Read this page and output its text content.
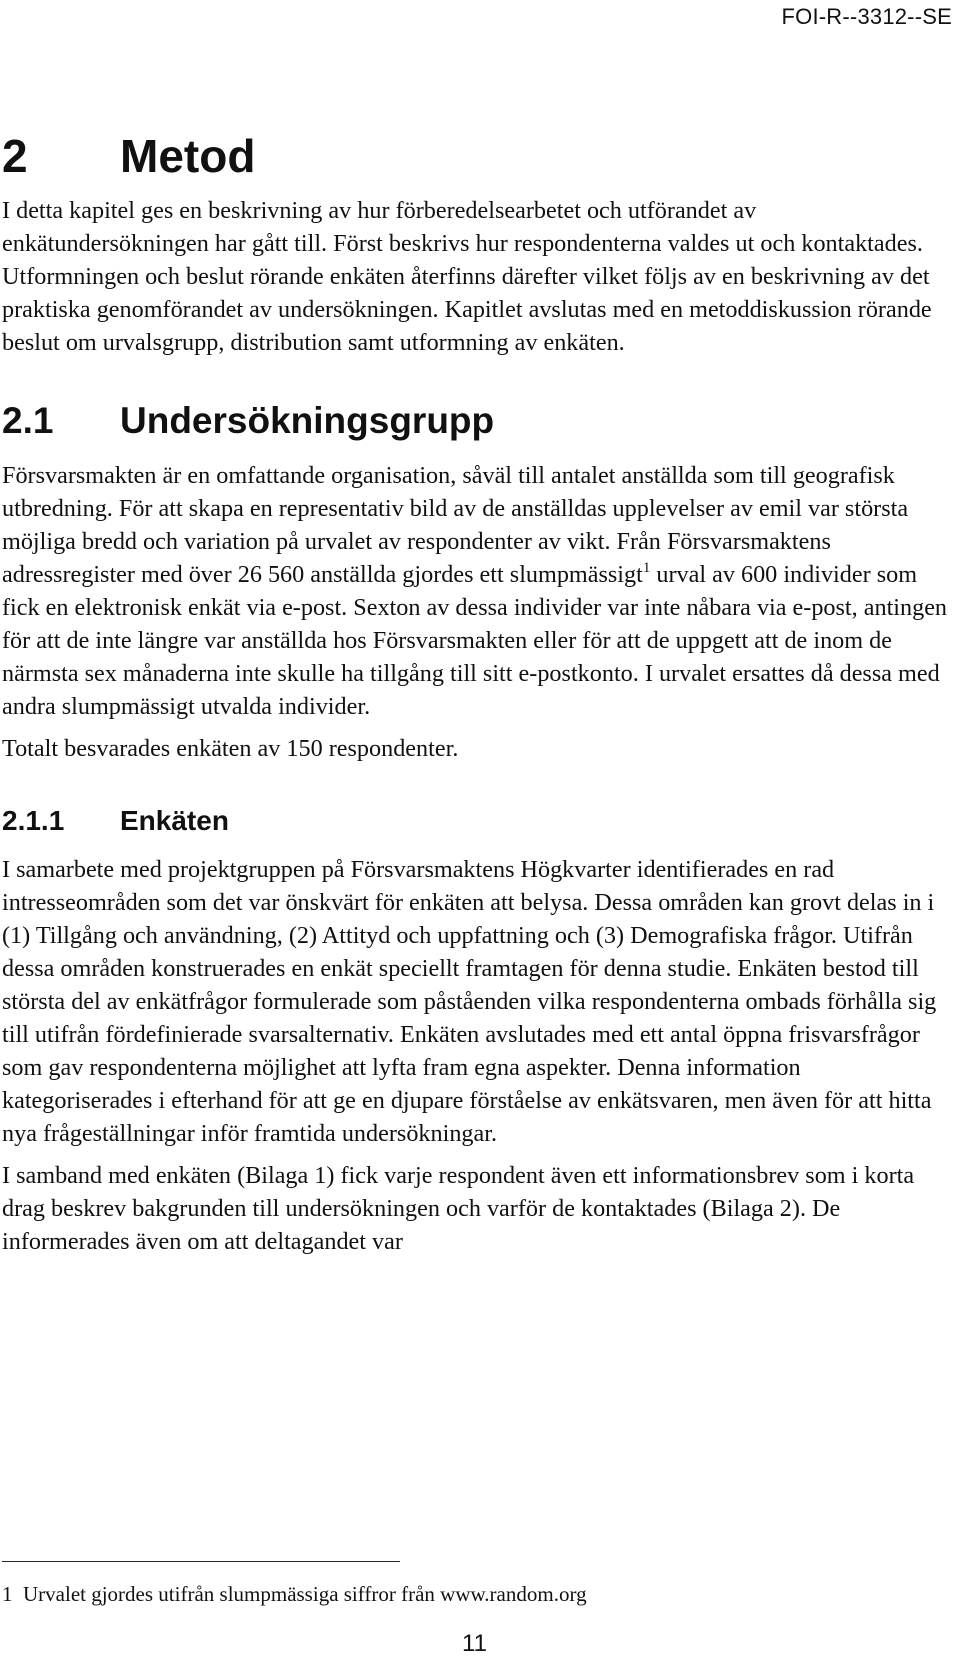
FOI-R--3312--SE
2	Metod

I detta kapitel ges en beskrivning av hur förberedelsearbetet och utförandet av enkätundersökningen har gått till. Först beskrivs hur respondenterna valdes ut och kontaktades. Utformningen och beslut rörande enkäten återfinns därefter vilket följs av en beskrivning av det praktiska genomförandet av undersökningen. Kapitlet avslutas med en metoddiskussion rörande beslut om urvalsgrupp, distribution samt utformning av enkäten.

2.1	Undersökningsgrupp

Försvarsmakten är en omfattande organisation, såväl till antalet anställda som till geografisk utbredning. För att skapa en representativ bild av de anställdas upplevelser av emil var största möjliga bredd och variation på urvalet av respondenter av vikt. Från Försvarsmaktens adressregister med över 26 560 anställda gjordes ett slumpmässigt$^1$ urval av 600 individer som fick en elektronisk enkät via e-post. Sexton av dessa individer var inte nåbara via e-post, antingen för att de inte längre var anställda hos Försvarsmakten eller för att de uppgett att de inom de närmsta sex månaderna inte skulle ha tillgång till sitt e-postkonto. I urvalet ersattes då dessa med andra slumpmässigt utvalda individer.

Totalt besvarades enkäten av 150 respondenter.

2.1.1	Enkäten

I samarbete med projektgruppen på Försvarsmaktens Högkvarter identifierades en rad intresseområden som det var önskvärt för enkäten att belysa. Dessa områden kan grovt delas in i (1) Tillgång och användning, (2) Attityd och uppfattning och (3) Demografiska frågor. Utifrån dessa områden konstruerades en enkät speciellt framtagen för denna studie. Enkäten bestod till största del av enkätfrågor formulerade som påståenden vilka respondenterna ombads förhålla sig till utifrån fördefinierade svarsalternativ. Enkäten avslutades med ett antal öppna frisvarsfrågor som gav respondenterna möjlighet att lyfta fram egna aspekter. Denna information kategoriserades i efterhand för att ge en djupare förståelse av enkätsvaren, men även för att hitta nya frågeställningar inför framtida undersökningar.

I samband med enkäten (Bilaga 1) fick varje respondent även ett informationsbrev som i korta drag beskrev bakgrunden till undersökningen och varför de kontaktades (Bilaga 2). De informerades även om att deltagandet var

1 Urvalet gjordes utifrån slumpmässiga siffror från www.random.org
11
